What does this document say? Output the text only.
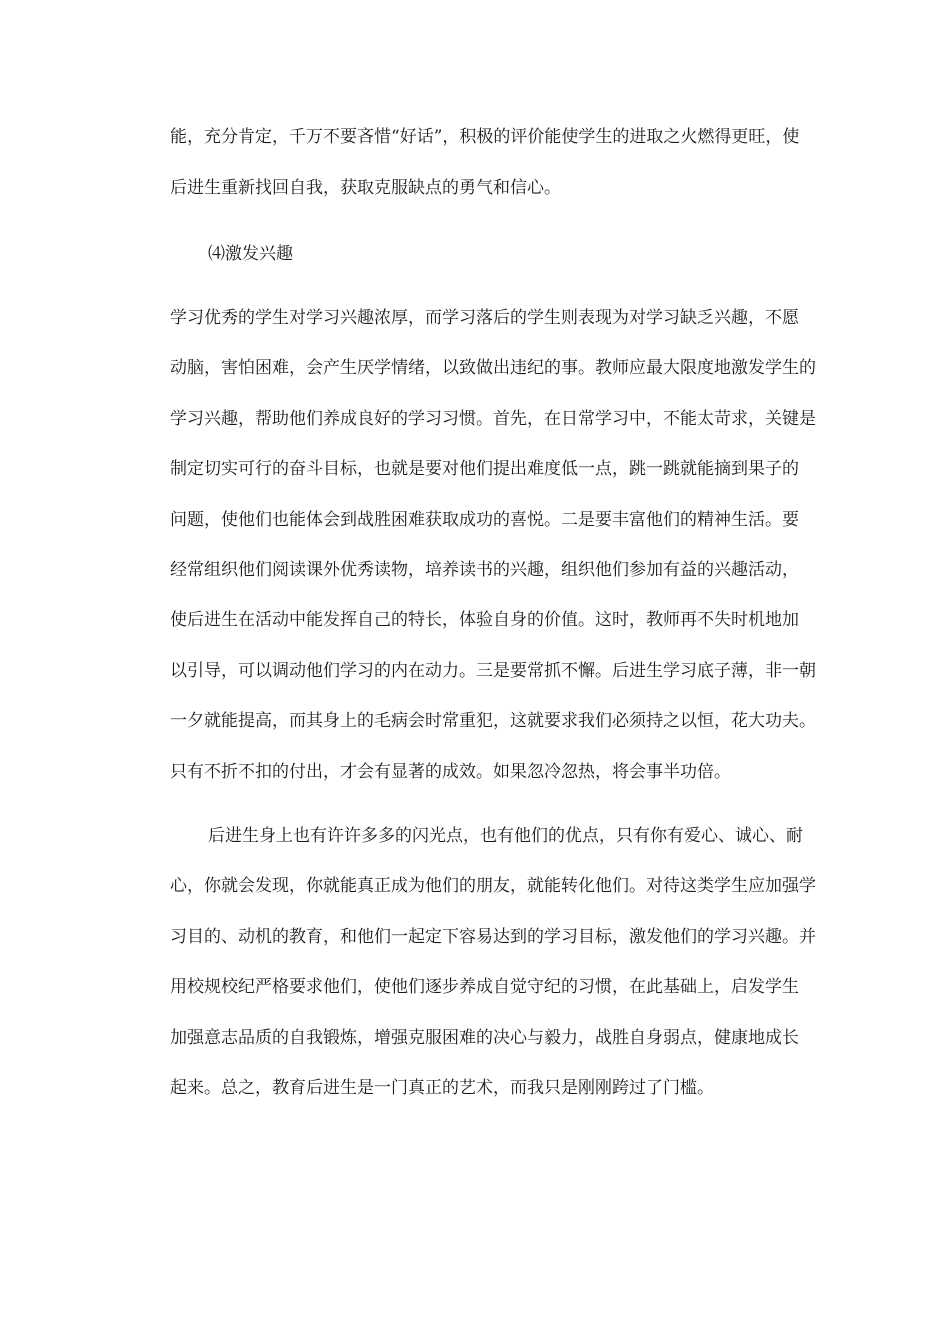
能，充分肯定，千万不要吝惜“好话”，积极的评价能使学生的进取之火燃得更旺，使
后进生重新找回自我，获取克服缺点的勇气和信心。
⑷激发兴趣
学习优秀的学生对学习兴趣浓厚，而学习落后的学生则表现为对学习缺乏兴趣，不愿
动脑，害怕困难，会产生厌学情绪，以致做出违纪的事。教师应最大限度地激发学生的
学习兴趣，帮助他们养成良好的学习习惯。首先，在日常学习中，不能太苛求，关键是
制定切实可行的奋斗目标，也就是要对他们提出难度低一点，跳一跳就能摘到果子的
问题，使他们也能体会到战胜困难获取成功的喜悦。二是要丰富他们的精神生活。要
经常组织他们阅读课外优秀读物，培养读书的兴趣，组织他们参加有益的兴趣活动，
使后进生在活动中能发挥自己的特长，体验自身的价值。这时，教师再不失时机地加
以引导，可以调动他们学习的内在动力。三是要常抓不懈。后进生学习底子薄，非一朝
一夕就能提高，而其身上的毛病会时常重犯，这就要求我们必须持之以恒，花大功夫。
只有不折不扣的付出，才会有显著的成效。如果忽冷忽热，将会事半功倍。
后进生身上也有许许多多的闪光点，也有他们的优点，只有你有爱心、诚心、耐
心，你就会发现，你就能真正成为他们的朋友，就能转化他们。对待这类学生应加强学
习目的、动机的教育，和他们一起定下容易达到的学习目标，激发他们的学习兴趣。并
用校规校纪严格要求他们，使他们逐步养成自觉守纪的习惯，在此基础上，启发学生
加强意志品质的自我锻炼，增强克服困难的决心与毅力，战胜自身弱点，健康地成长
起来。总之，教育后进生是一门真正的艺术，而我只是刚刚跨过了门槛。
